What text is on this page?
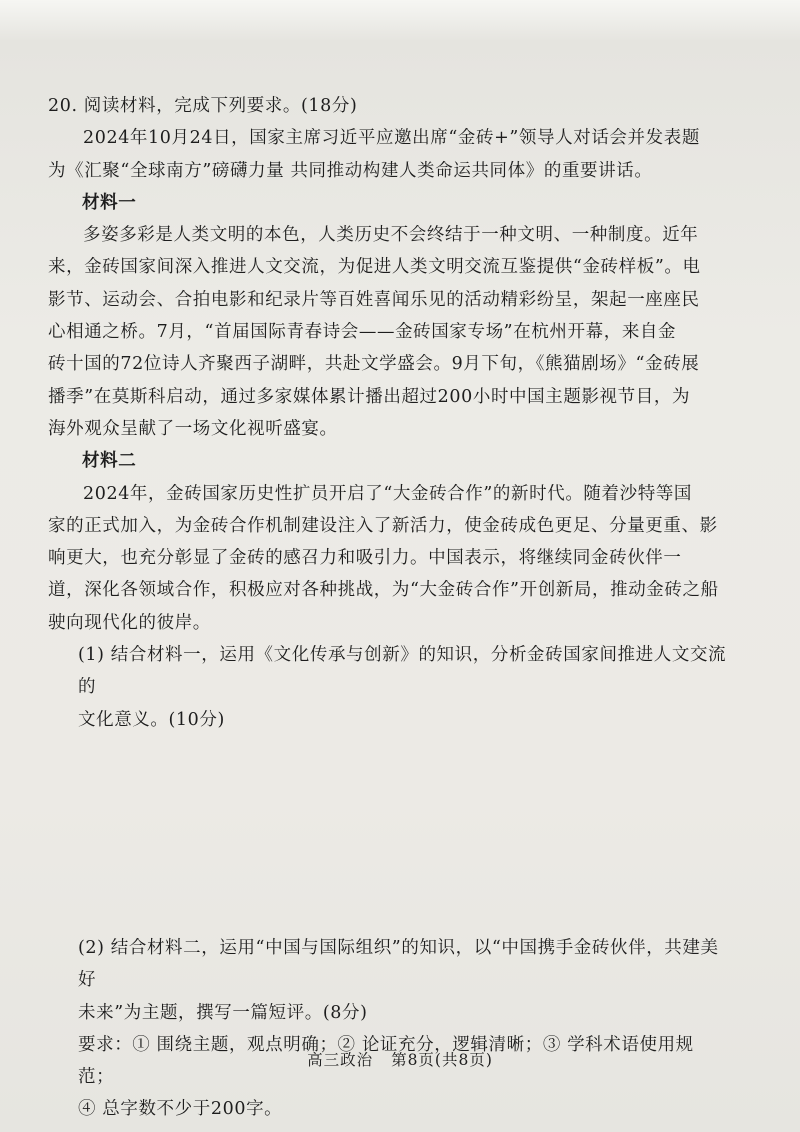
20. 阅读材料，完成下列要求。(18分)

2024年10月24日，国家主席习近平应邀出席“金砖+”领导人对话会并发表题

为《汇聚“全球南方”磅礴力量 共同推动构建人类命运共同体》的重要讲话。

材料一

多姿多彩是人类文明的本色，人类历史不会终结于一种文明、一种制度。近年

来，金砖国家间深入推进人文交流，为促进人类文明交流互鉴提供“金砖样板”。电

影节、运动会、合拍电影和纪录片等百姓喜闻乐见的活动精彩纷呈，架起一座座民

心相通之桥。7月，“首届国际青春诗会——金砖国家专场”在杭州开幕，来自金

砖十国的72位诗人齐聚西子湖畔，共赴文学盛会。9月下旬，《熊猫剧场》“金砖展

播季”在莫斯科启动，通过多家媒体累计播出超过200小时中国主题影视节目，为

海外观众呈献了一场文化视听盛宴。

材料二

2024年，金砖国家历史性扩员开启了“大金砖合作”的新时代。随着沙特等国

家的正式加入，为金砖合作机制建设注入了新活力，使金砖成色更足、分量更重、影

响更大，也充分彰显了金砖的感召力和吸引力。中国表示，将继续同金砖伙伴一

道，深化各领域合作，积极应对各种挑战，为“大金砖合作”开创新局，推动金砖之船

驶向现代化的彼岸。

(1) 结合材料一，运用《文化传承与创新》的知识，分析金砖国家间推进人文交流的

文化意义。(10分)

(2) 结合材料二，运用“中国与国际组织”的知识，以“中国携手金砖伙伴，共建美好

未来”为主题，撰写一篇短评。(8分)

要求：① 围绕主题，观点明确；② 论证充分，逻辑清晰；③ 学科术语使用规范；

④ 总字数不少于200字。

高三政治 第8页(共8页)
